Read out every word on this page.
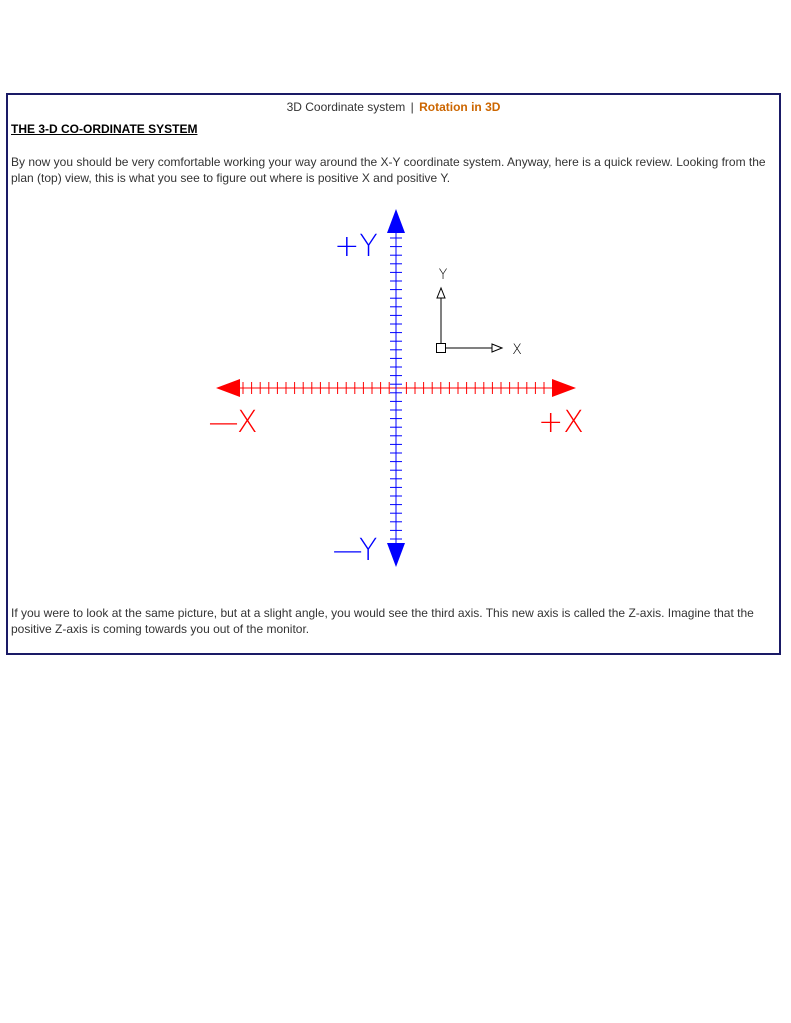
+Y
—Y
—X	+X
Y
X
3D Coordinate system | Rotation in 3D
THE 3-D CO-ORDINATE SYSTEM

By now you should be very comfortable working your way around the X-Y coordinate system. Anyway, here is a quick review. Looking from the plan (top) view, this is what you see to figure out where is positive X and positive Y.

If you were to look at the same picture, but at a slight angle, you would see the third axis. This new axis is called the Z-axis. Imagine that the positive Z-axis is coming towards you out of the monitor.
